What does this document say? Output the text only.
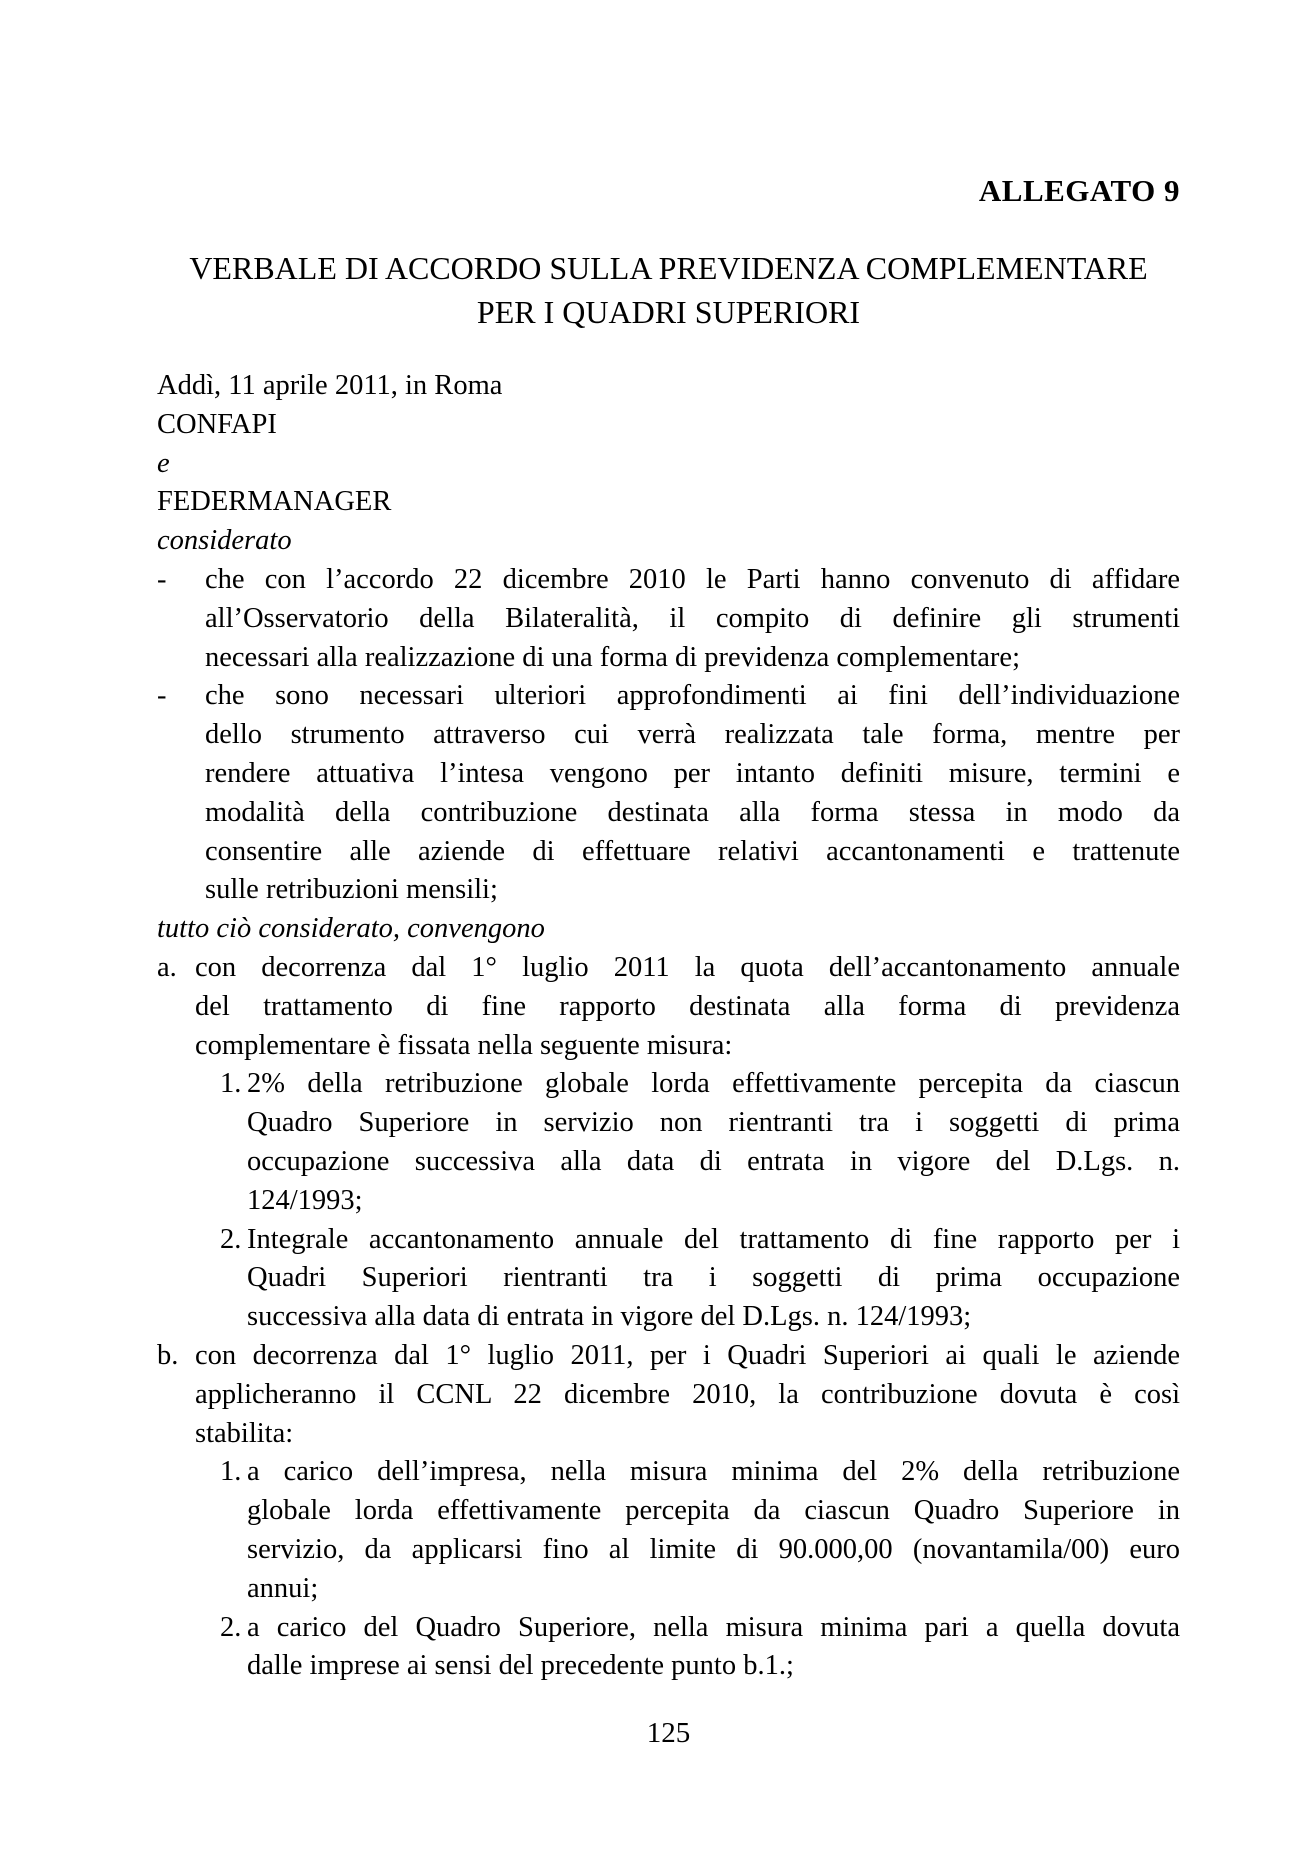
ALLEGATO 9
VERBALE DI ACCORDO SULLA PREVIDENZA COMPLEMENTARE
PER I QUADRI SUPERIORI
Addì, 11 aprile 2011, in Roma
CONFAPI
e
FEDERMANAGER
considerato
- che con l’accordo 22 dicembre 2010 le Parti hanno convenuto di affidare
all’Osservatorio della Bilateralità, il compito di definire gli strumenti
necessari alla realizzazione di una forma di previdenza complementare;
- che sono necessari ulteriori approfondimenti ai fini dell’individuazione
dello strumento attraverso cui verrà realizzata tale forma, mentre per
rendere attuativa l’intesa vengono per intanto definiti misure, termini e
modalità della contribuzione destinata alla forma stessa in modo da
consentire alle aziende di effettuare relativi accantonamenti e trattenute
sulle retribuzioni mensili;
tutto ciò considerato, convengono
a. con decorrenza dal 1° luglio 2011 la quota dell’accantonamento annuale
del trattamento di fine rapporto destinata alla forma di previdenza
complementare è fissata nella seguente misura:
1. 2% della retribuzione globale lorda effettivamente percepita da ciascun
Quadro Superiore in servizio non rientranti tra i soggetti di prima
occupazione successiva alla data di entrata in vigore del D.Lgs. n.
124/1993;
2. Integrale accantonamento annuale del trattamento di fine rapporto per i
Quadri Superiori rientranti tra i soggetti di prima occupazione
successiva alla data di entrata in vigore del D.Lgs. n. 124/1993;
b. con decorrenza dal 1° luglio 2011, per i Quadri Superiori ai quali le aziende
applicheranno il CCNL 22 dicembre 2010, la contribuzione dovuta è così
stabilita:
1. a carico dell’impresa, nella misura minima del 2% della retribuzione
globale lorda effettivamente percepita da ciascun Quadro Superiore in
servizio, da applicarsi fino al limite di 90.000,00 (novantamila/00) euro
annui;
2. a carico del Quadro Superiore, nella misura minima pari a quella dovuta
dalle imprese ai sensi del precedente punto b.1.;
125
